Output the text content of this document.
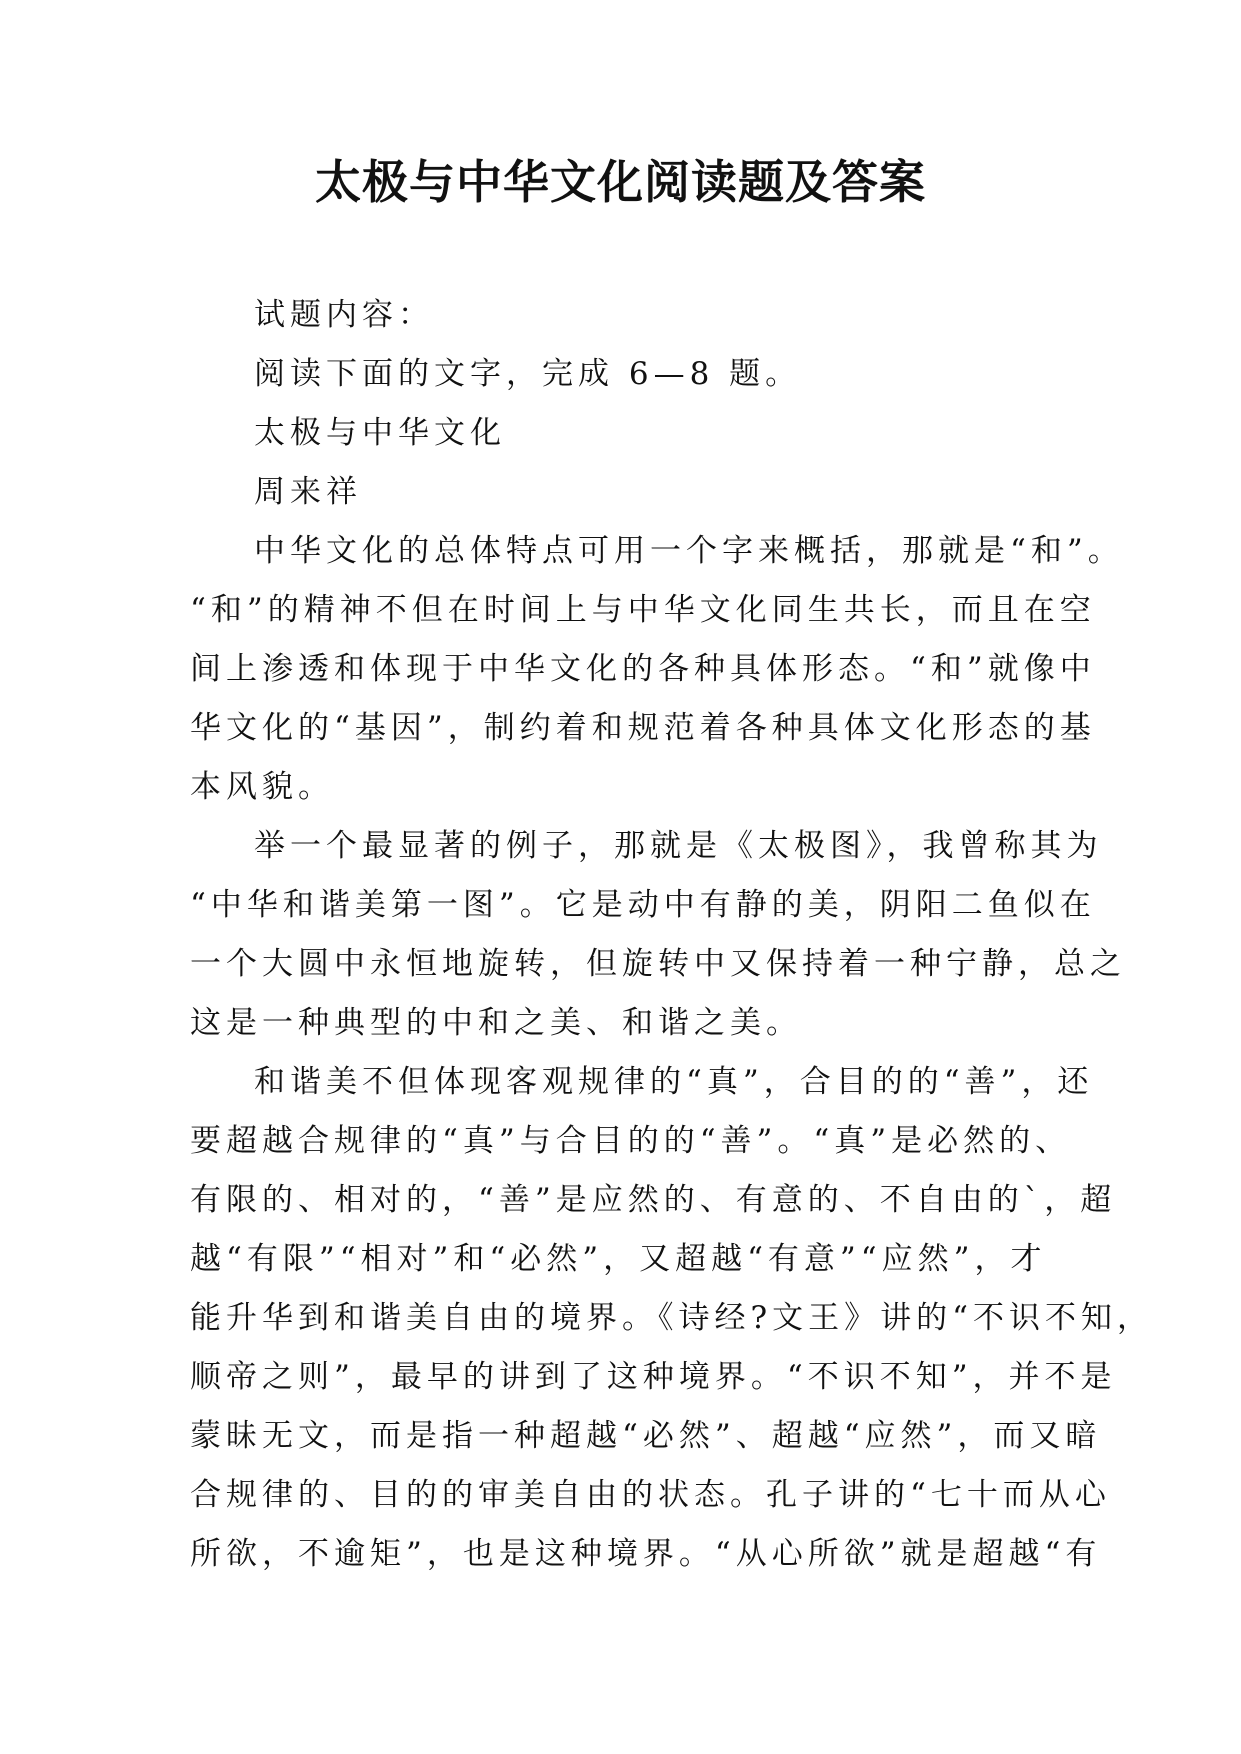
太极与中华文化阅读题及答案
试题内容：
阅读下面的文字，完成 6—8 题。
太极与中华文化
周来祥
中华文化的总体特点可用一个字来概括，那就是“和”。
“和”的精神不但在时间上与中华文化同生共长，而且在空
间上渗透和体现于中华文化的各种具体形态。“和”就像中
华文化的“基因”，制约着和规范着各种具体文化形态的基
本风貌。
举一个最显著的例子，那就是《太极图》，我曾称其为
“中华和谐美第一图”。它是动中有静的美，阴阳二鱼似在
一个大圆中永恒地旋转，但旋转中又保持着一种宁静，总之
这是一种典型的中和之美、和谐之美。
和谐美不但体现客观规律的“真”，合目的的“善”，还
要超越合规律的“真”与合目的的“善”。“真”是必然的、
有限的、相对的，“善”是应然的、有意的、不自由的`，超
越“有限”“相对”和“必然”，又超越“有意”“应然”，才
能升华到和谐美自由的境界。《诗经?文王》讲的“不识不知，
顺帝之则”，最早的讲到了这种境界。“不识不知”，并不是
蒙昧无文，而是指一种超越“必然”、超越“应然”，而又暗
合规律的、目的的审美自由的状态。孔子讲的“七十而从心
所欲，不逾矩”，也是这种境界。“从心所欲”就是超越“有
